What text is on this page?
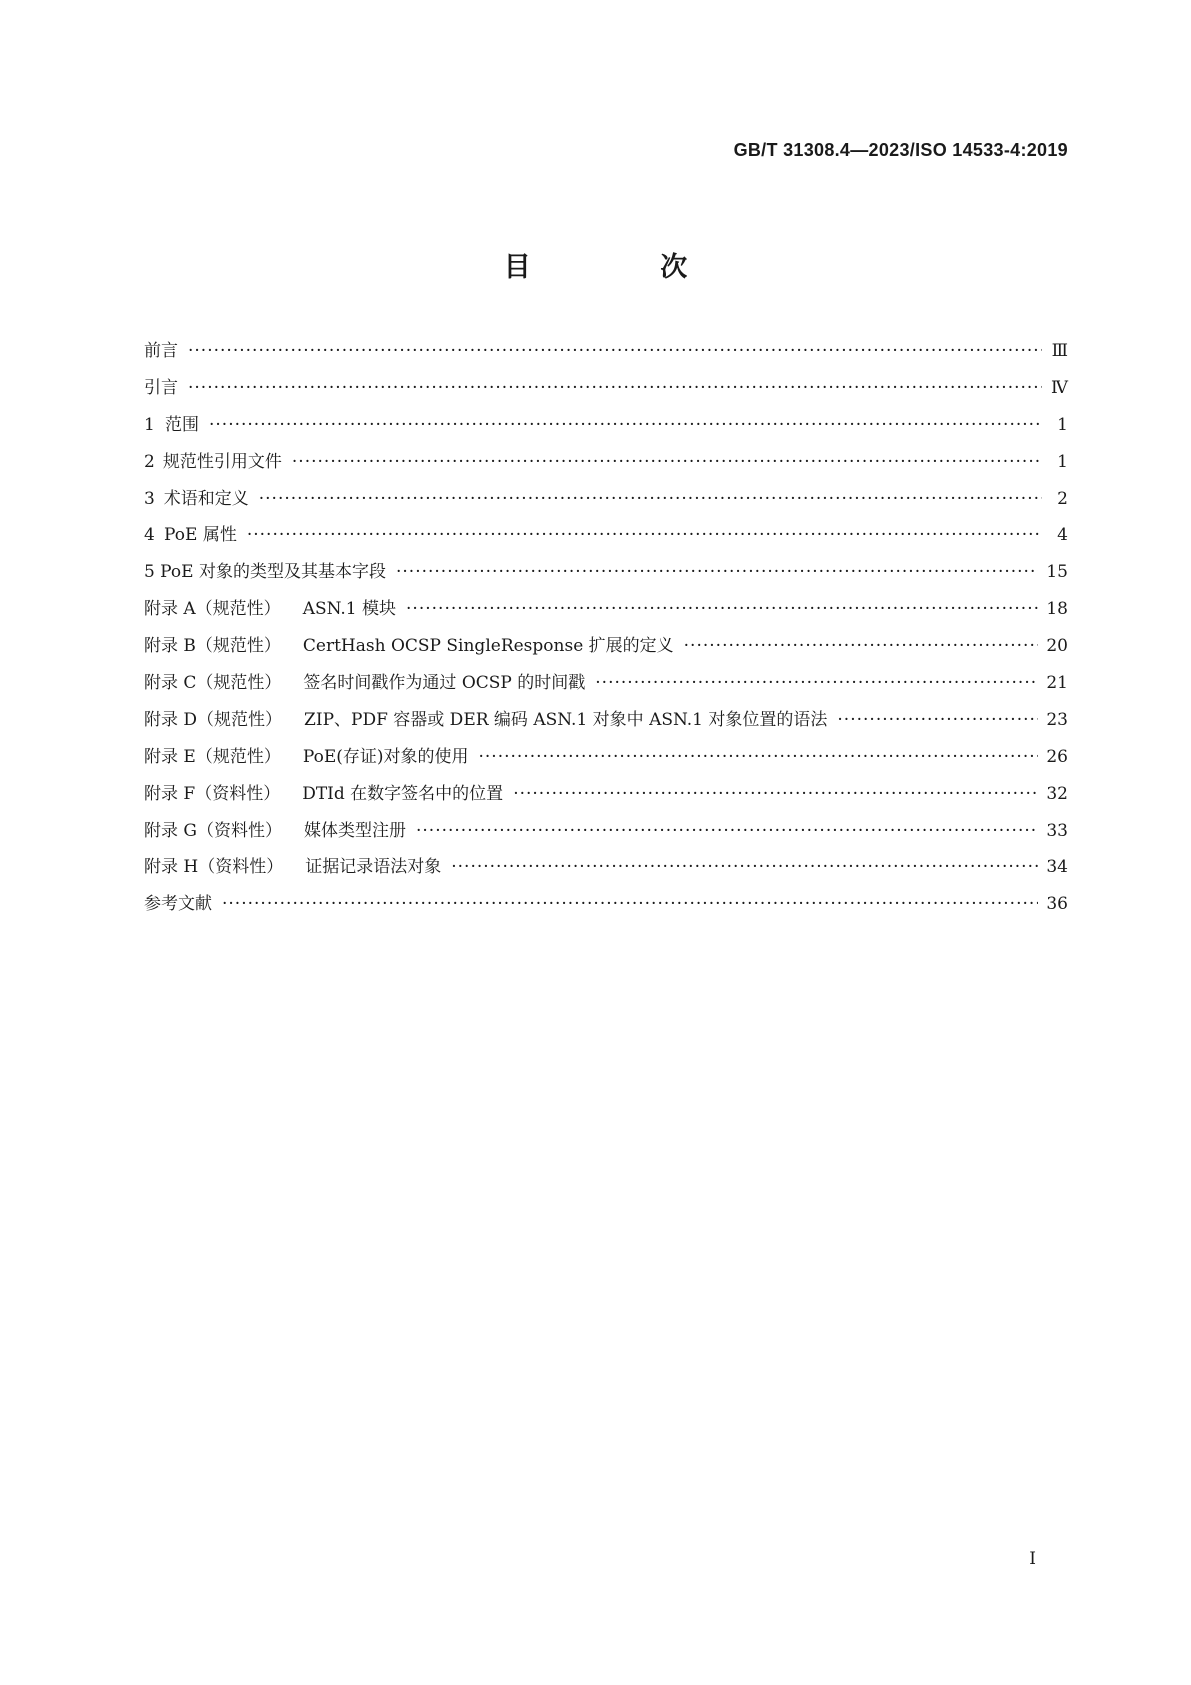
GB/T 31308.4—2023/ISO 14533-4:2019
目 次
前言 ·····	Ⅲ
引言 ·····	Ⅳ
1 范围 ·····	1
2 规范性引用文件 ·····	1
3 术语和定义 ·····	2
4 PoE 属性 ·····	4
5 PoE 对象的类型及其基本字段 ·····	15
附录 A（规范性） ASN.1 模块 ·····	18
附录 B（规范性） CertHash OCSP SingleResponse 扩展的定义 ·····	20
附录 C（规范性） 签名时间戳作为通过 OCSP 的时间戳 ·····	21
附录 D（规范性） ZIP、PDF 容器或 DER 编码 ASN.1 对象中 ASN.1 对象位置的语法 ·····	23
附录 E（规范性） PoE(存证)对象的使用 ·····	26
附录 F（资料性） DTId 在数字签名中的位置 ·····	32
附录 G（资料性） 媒体类型注册 ·····	33
附录 H（资料性） 证据记录语法对象 ·····	34
参考文献 ·····	36
Ⅰ
